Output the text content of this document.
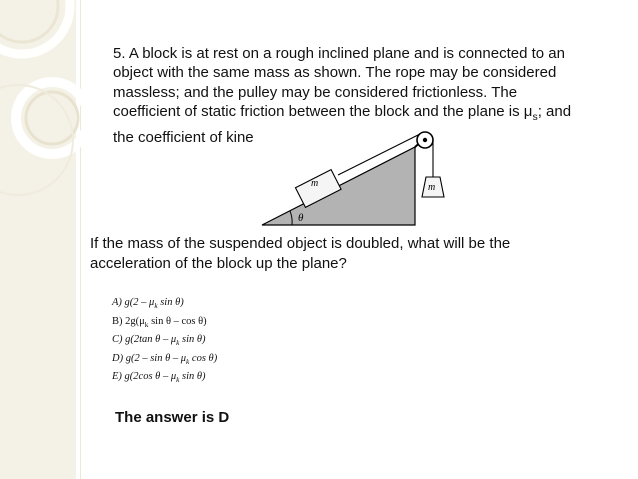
5. A block is at rest on a rough inclined plane and is connected to an
object with the same mass as shown. The rope may be considered
massless; and the pulley may be considered frictionless. The
coefficient of static friction between the block and the plane is $\mu_s$; and
the coefficient of kine
θ
m	m
If the mass of the suspended object is doubled, what will be the
acceleration of the block up the plane?
A) $g(2 - \mu_k$ sin θ)
B) $2g(\mu_k$ sin θ – cos θ)
C) g(2tan θ – $\mu_k$ sin θ)
D) g(2 – sin θ – $\mu_k$ cos θ)
E) g(2cos θ – $\mu_k$ sin θ)
The answer is D
